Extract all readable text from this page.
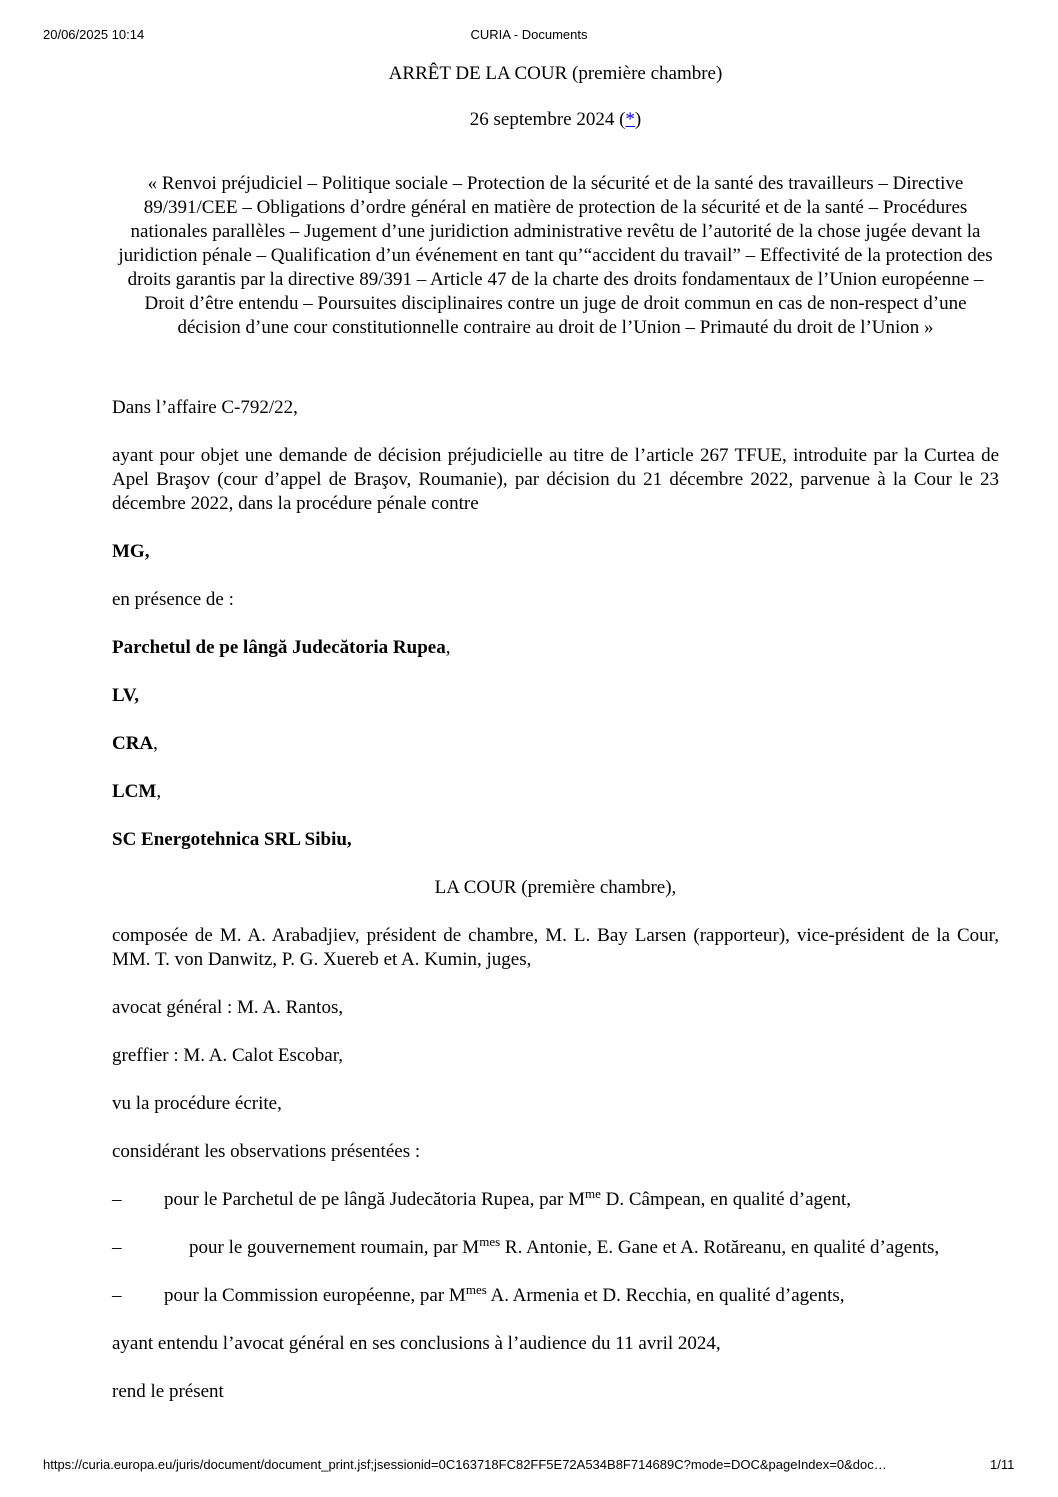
20/06/2025 10:14	CURIA - Documents
ARRÊT DE LA COUR (première chambre)
26 septembre 2024 (*)

« Renvoi préjudiciel – Politique sociale – Protection de la sécurité et de la santé des travailleurs – Directive 89/391/CEE – Obligations d’ordre général en matière de protection de la sécurité et de la santé – Procédures nationales parallèles – Jugement d’une juridiction administrative revêtu de l’autorité de la chose jugée devant la juridiction pénale – Qualification d’un événement en tant qu’“accident du travail” – Effectivité de la protection des droits garantis par la directive 89/391 – Article 47 de la charte des droits fondamentaux de l’Union européenne – Droit d’être entendu – Poursuites disciplinaires contre un juge de droit commun en cas de non-respect d’une décision d’une cour constitutionnelle contraire au droit de l’Union – Primauté du droit de l’Union »

Dans l’affaire C-792/22,

ayant pour objet une demande de décision préjudicielle au titre de l’article 267 TFUE, introduite par la Curtea de Apel Braşov (cour d’appel de Braşov, Roumanie), par décision du 21 décembre 2022, parvenue à la Cour le 23 décembre 2022, dans la procédure pénale contre

MG,

en présence de :

Parchetul de pe lângă Judecătoria Rupea,

LV,

CRA,

LCM,

SC Energotehnica SRL Sibiu,

LA COUR (première chambre),

composée de M. A. Arabadjiev, président de chambre, M. L. Bay Larsen (rapporteur), vice-président de la Cour, MM. T. von Danwitz, P. G. Xuereb et A. Kumin, juges,

avocat général : M. A. Rantos,

greffier : M. A. Calot Escobar,

vu la procédure écrite,

considérant les observations présentées :

– pour le Parchetul de pe lângă Judecătoria Rupea, par $M^{me}$ D. Câmpean, en qualité d’agent,
–	pour le gouvernement roumain, par $M^{mes}$ R. Antonie, E. Gane et A. Rotăreanu, en qualité d’agents,
– pour la Commission européenne, par $M^{mes}$ A. Armenia et D. Recchia, en qualité d’agents,

ayant entendu l’avocat général en ses conclusions à l’audience du 11 avril 2024,

rend le présent

https://curia.europa.eu/juris/document/document_print.jsf;jsessionid=0C163718FC82FF5E72A534B8F714689C?mode=DOC&pageIndex=0&doc…	1/11
